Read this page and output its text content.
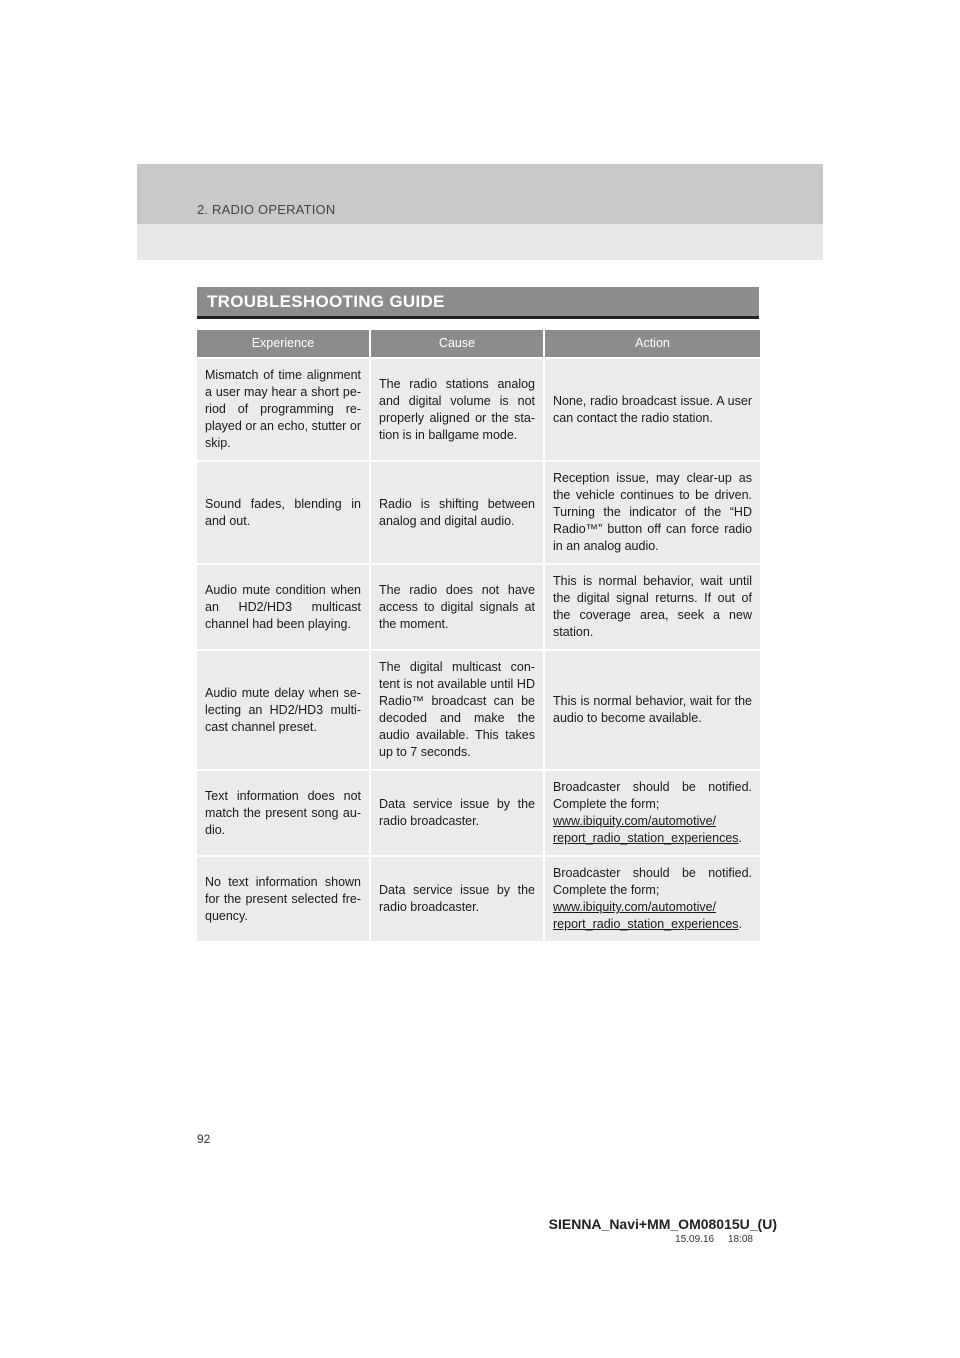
2. RADIO OPERATION
TROUBLESHOOTING GUIDE
Experience	Cause	Action
Mismatch of time alignment a user may hear a short pe-riod of programming re-played or an echo, stutter or skip.	The radio stations analog and digital volume is not properly aligned or the sta-tion is in ballgame mode.	None, radio broadcast issue. A user can contact the radio station.
Sound fades, blending in and out.	Radio is shifting between analog and digital audio.	Reception issue, may clear-up as the vehicle continues to be driven. Turning the indicator of the “HD Radio™” button off can force radio in an analog audio.
Audio mute condition when an HD2/HD3 multicast channel had been playing.	The radio does not have access to digital signals at the moment.	This is normal behavior, wait until the digital signal returns. If out of the coverage area, seek a new station.
Audio mute delay when se-lecting an HD2/HD3 multi-cast channel preset.	The digital multicast con-tent is not available until HD Radio™ broadcast can be decoded and make the audio available. This takes up to 7 seconds.	This is normal behavior, wait for the audio to become available.
Text information does not match the present song au-dio.	Data service issue by the radio broadcaster.	Broadcaster should be notified. Complete the form;
www.ibiquity.com/automotive/
report_radio_station_experiences.
No text information shown for the present selected fre-quency.	Data service issue by the radio broadcaster.	Broadcaster should be notified. Complete the form;
www.ibiquity.com/automotive/
report_radio_station_experiences.
92
SIENNA_Navi+MM_OM08015U_(U)
15.09.16     18:08
